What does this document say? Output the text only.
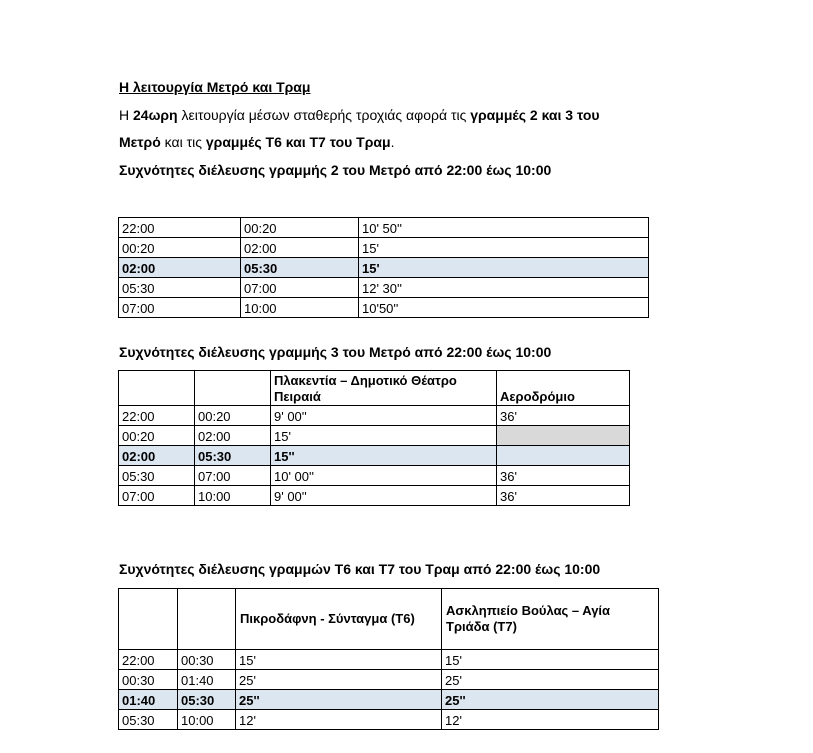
Η λειτουργία Μετρό και Τραμ
Η 24ωρη λειτουργία μέσων σταθερής τροχιάς αφορά τις γραμμές 2 και 3 του
Μετρό και τις γραμμές Τ6 και Τ7 του Τραμ.
Συχνότητες διέλευσης γραμμής 2 του Μετρό από 22:00 έως 10:00
22:00	00:20	10' 50''
00:20	02:00	15'
02:00	05:30	15'
05:30	07:00	12' 30''
07:00	10:00	10'50''
Συχνότητες διέλευσης γραμμής 3 του Μετρό από 22:00 έως 10:00
		Πλακεντία – Δημοτικό Θέατρο Πειραιά	Αεροδρόμιο
22:00	00:20	9' 00''	36'
00:20	02:00	15'	
02:00	05:30	15''	
05:30	07:00	10' 00''	36'
07:00	10:00	9' 00''	36'
Συχνότητες διέλευσης γραμμών Τ6 και Τ7 του Τραμ από 22:00 έως 10:00
		Πικροδάφνη - Σύνταγμα (Τ6)	Ασκληπιείο Βούλας – Αγία Τριάδα (Τ7)
22:00	00:30	15'	15'
00:30	01:40	25'	25'
01:40	05:30	25''	25''
05:30	10:00	12'	12'
